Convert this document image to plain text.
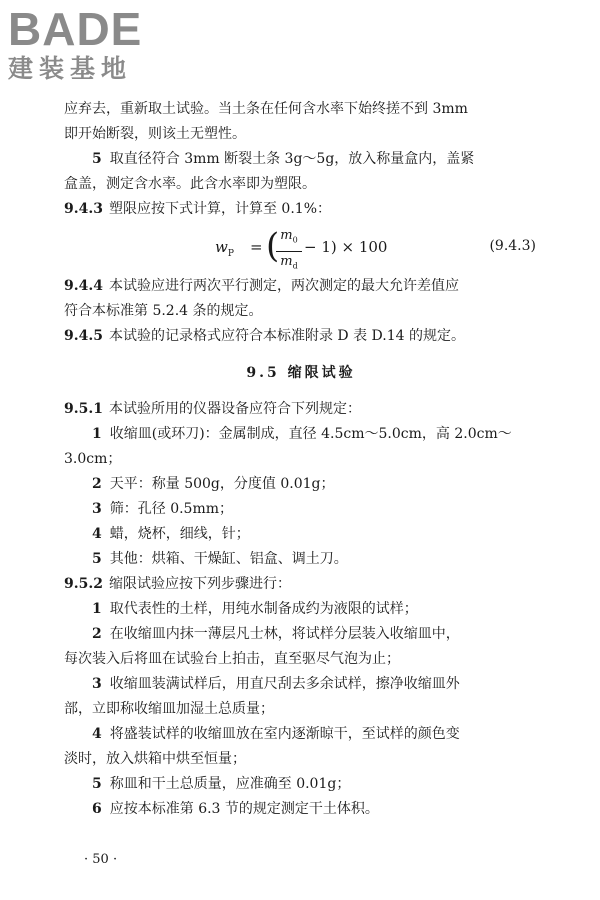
BADE
建装基地
应弃去，重新取土试验。当土条在任何含水率下始终搓不到 3mm
即开始断裂，则该土无塑性。
5 取直径符合 3mm 断裂土条 3g～5g，放入称量盒内，盖紧
盒盖，测定含水率。此含水率即为塑限。
9.4.3 塑限应按下式计算，计算至 0.1%：
$w_P$ = ( $m_0$
$m_d$
− 1) × 100	(9.4.3)
9.4.4 本试验应进行两次平行测定，两次测定的最大允许差值应
符合本标准第 5.2.4 条的规定。
9.4.5 本试验的记录格式应符合本标准附录 D 表 D.14 的规定。
9.5 缩限试验
9.5.1 本试验所用的仪器设备应符合下列规定：
1 收缩皿(或环刀)：金属制成，直径 4.5cm～5.0cm，高 2.0cm～
3.0cm；
2 天平：称量 500g，分度值 0.01g；
3 筛：孔径 0.5mm；
4 蜡，烧杯，细线，针；
5 其他：烘箱、干燥缸、铝盒、调土刀。
9.5.2 缩限试验应按下列步骤进行：
1 取代表性的土样，用纯水制备成约为液限的试样；
2 在收缩皿内抹一薄层凡士林，将试样分层装入收缩皿中，
每次装入后将皿在试验台上拍击，直至驱尽气泡为止；
3 收缩皿装满试样后，用直尺刮去多余试样，擦净收缩皿外
部，立即称收缩皿加湿土总质量；
4 将盛装试样的收缩皿放在室内逐渐晾干，至试样的颜色变
淡时，放入烘箱中烘至恒量；
5 称皿和干土总质量，应准确至 0.01g；
6 应按本标准第 6.3 节的规定测定干土体积。
· 50 ·
